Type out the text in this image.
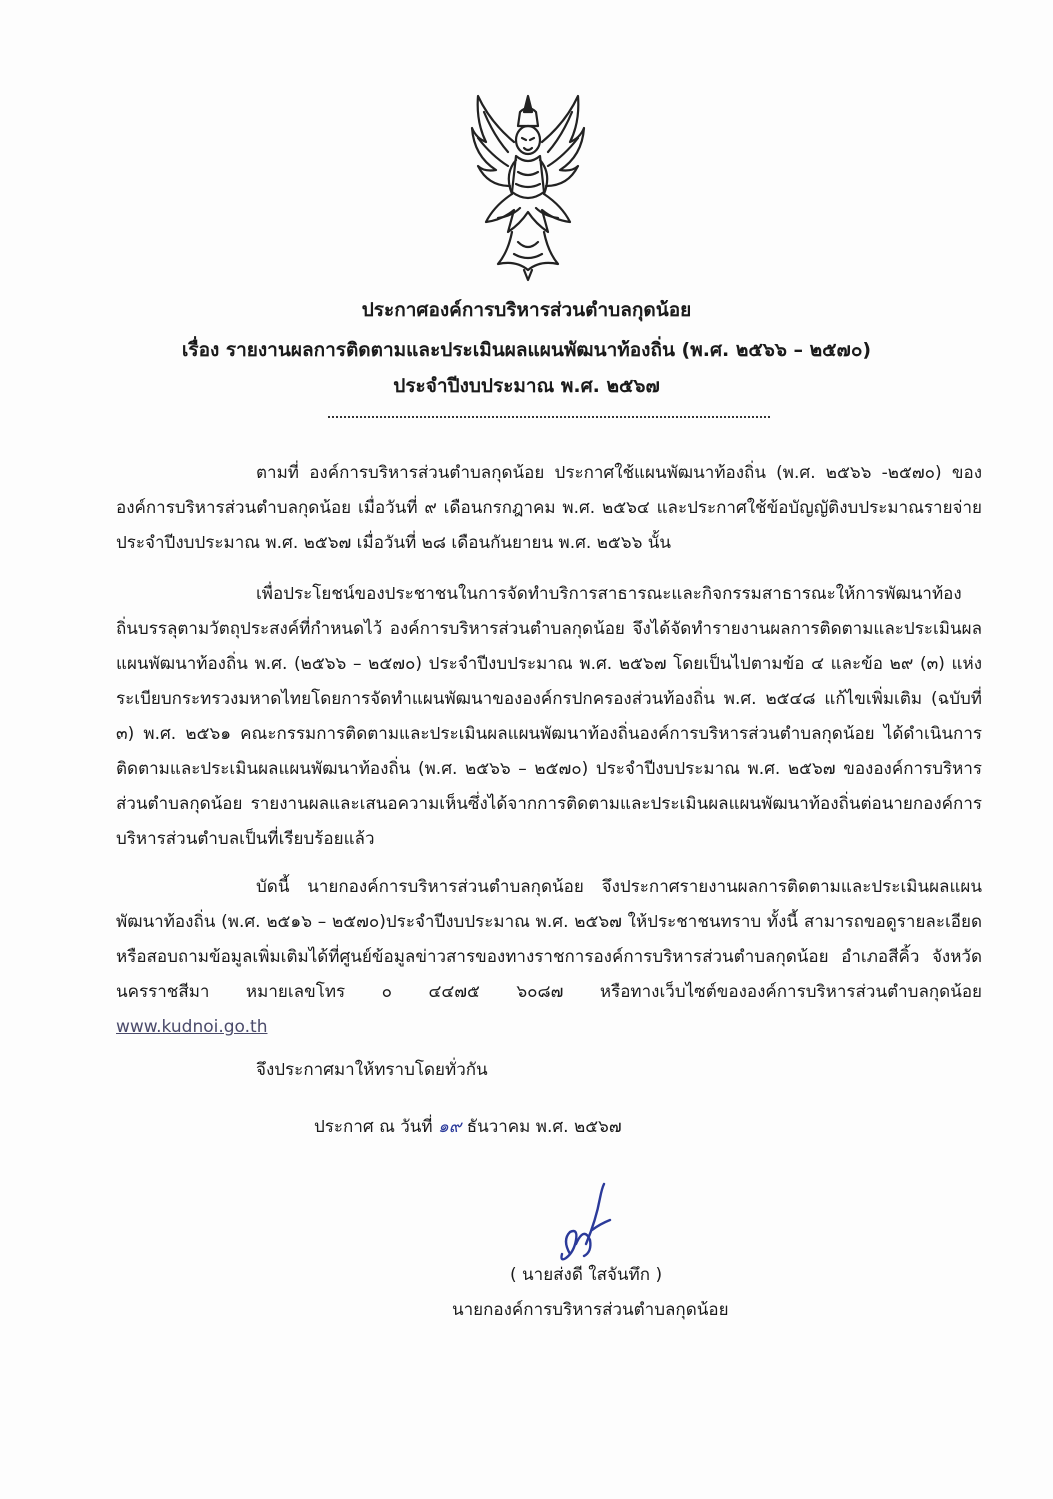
ประกาศองค์การบริหารส่วนตำบลกุดน้อย
เรื่อง รายงานผลการติดตามและประเมินผลแผนพัฒนาท้องถิ่น (พ.ศ. ๒๕๖๖ – ๒๕๗๐)
ประจำปีงบประมาณ พ.ศ. ๒๕๖๗
ตามที่ องค์การบริหารส่วนตำบลกุดน้อย ประกาศใช้แผนพัฒนาท้องถิ่น (พ.ศ. ๒๕๖๖ -๒๕๗๐) ขององค์การบริหารส่วนตำบลกุดน้อย เมื่อวันที่ ๙ เดือนกรกฎาคม พ.ศ. ๒๕๖๔ และประกาศใช้ข้อบัญญัติงบประมาณรายจ่ายประจำปีงบประมาณ พ.ศ. ๒๕๖๗ เมื่อวันที่ ๒๘ เดือนกันยายน พ.ศ. ๒๕๖๖ นั้น
เพื่อประโยชน์ของประชาชนในการจัดทำบริการสาธารณะและกิจกรรมสาธารณะให้การพัฒนาท้องถิ่นบรรลุตามวัตถุประสงค์ที่กำหนดไว้ องค์การบริหารส่วนตำบลกุดน้อย จึงได้จัดทำรายงานผลการติดตามและประเมินผลแผนพัฒนาท้องถิ่น พ.ศ. (๒๕๖๖ – ๒๕๗๐) ประจำปีงบประมาณ พ.ศ. ๒๕๖๗ โดยเป็นไปตามข้อ ๔ และข้อ ๒๙ (๓) แห่งระเบียบกระทรวงมหาดไทยโดยการจัดทำแผนพัฒนาขององค์กรปกครองส่วนท้องถิ่น พ.ศ. ๒๕๔๘ แก้ไขเพิ่มเติม (ฉบับที่ ๓) พ.ศ. ๒๕๖๑ คณะกรรมการติดตามและประเมินผลแผนพัฒนาท้องถิ่นองค์การบริหารส่วนตำบลกุดน้อย ได้ดำเนินการติดตามและประเมินผลแผนพัฒนาท้องถิ่น (พ.ศ. ๒๕๖๖ – ๒๕๗๐) ประจำปีงบประมาณ พ.ศ. ๒๕๖๗ ขององค์การบริหารส่วนตำบลกุดน้อย รายงานผลและเสนอความเห็นซึ่งได้จากการติดตามและประเมินผลแผนพัฒนาท้องถิ่นต่อนายกองค์การบริหารส่วนตำบลเป็นที่เรียบร้อยแล้ว
บัดนี้ นายกองค์การบริหารส่วนตำบลกุดน้อย จึงประกาศรายงานผลการติดตามและประเมินผลแผนพัฒนาท้องถิ่น (พ.ศ. ๒๕๑๖ – ๒๕๗๐)ประจำปีงบประมาณ พ.ศ. ๒๕๖๗ ให้ประชาชนทราบ ทั้งนี้ สามารถขอดูรายละเอียดหรือสอบถามข้อมูลเพิ่มเติมได้ที่ศูนย์ข้อมูลข่าวสารของทางราชการองค์การบริหารส่วนตำบลกุดน้อย อำเภอสีคิ้ว จังหวัดนครราชสีมา หมายเลขโทร ๐ ๔๔๗๕ ๖๐๘๗ หรือทางเว็บไซต์ขององค์การบริหารส่วนตำบลกุดน้อย www.kudnoi.go.th
จึงประกาศมาให้ทราบโดยทั่วกัน
ประกาศ ณ วันที่ ๑๙ ธันวาคม พ.ศ. ๒๕๖๗
( นายส่งดี ใสจันทึก )
นายกองค์การบริหารส่วนตำบลกุดน้อย
